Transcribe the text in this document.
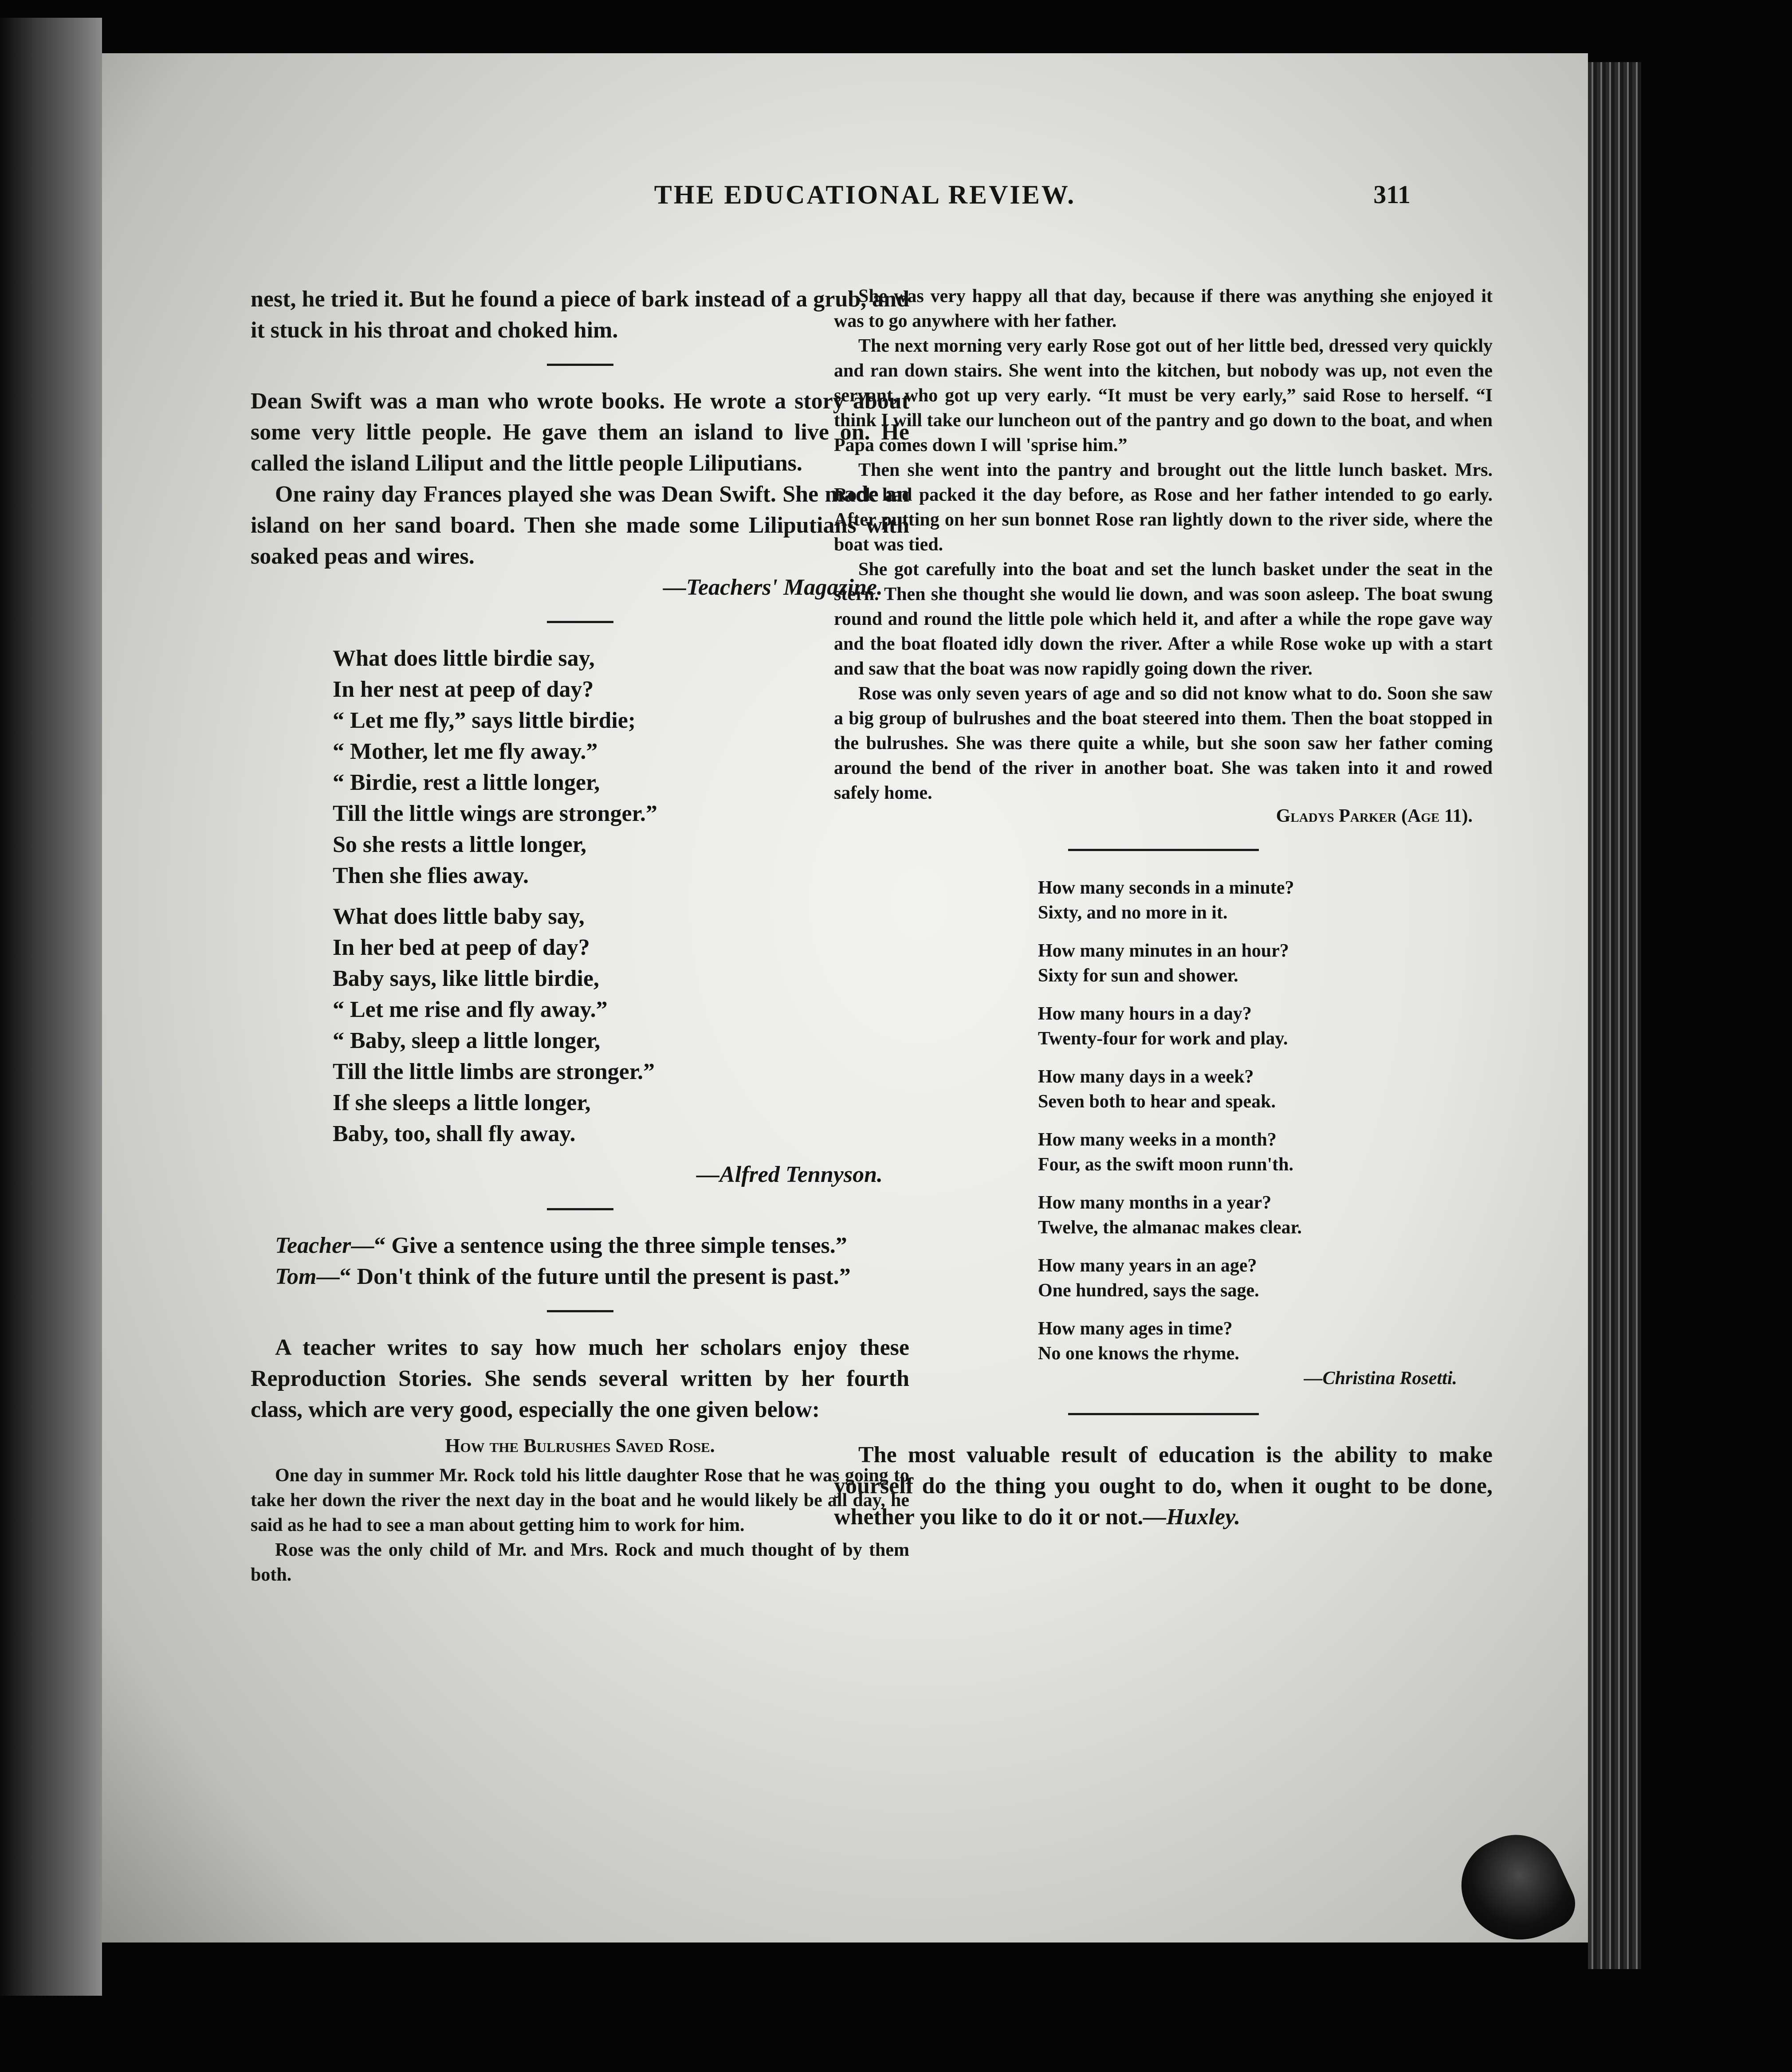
THE EDUCATIONAL REVIEW.	311

nest, he tried it. But he found a piece of bark instead of a grub, and it stuck in his throat and choked him.

Dean Swift was a man who wrote books. He wrote a story about some very little people. He gave them an island to live on. He called the island Liliput and the little people Liliputians.

One rainy day Frances played she was Dean Swift. She made an island on her sand board. Then she made some Liliputians with soaked peas and wires.

—Teachers' Magazine.

What does little birdie say,

In her nest at peep of day?

“ Let me fly,” says little birdie;

“ Mother, let me fly away.”

“ Birdie, rest a little longer,

Till the little wings are stronger.”

So she rests a little longer,

Then she flies away.

What does little baby say,

In her bed at peep of day?

Baby says, like little birdie,

“ Let me rise and fly away.”

“ Baby, sleep a little longer,

Till the little limbs are stronger.”

If she sleeps a little longer,

Baby, too, shall fly away.

—Alfred Tennyson.

Teacher—“ Give a sentence using the three simple tenses.”

Tom—“ Don't think of the future until the present is past.”

A teacher writes to say how much her scholars enjoy these Reproduction Stories. She sends several written by her fourth class, which are very good, especially the one given below:

How the Bulrushes Saved Rose.

One day in summer Mr. Rock told his little daughter Rose that he was going to take her down the river the next day in the boat and he would likely be all day, he said as he had to see a man about getting him to work for him.

Rose was the only child of Mr. and Mrs. Rock and much thought of by them both.

She was very happy all that day, because if there was anything she enjoyed it was to go anywhere with her father.

The next morning very early Rose got out of her little bed, dressed very quickly and ran down stairs. She went into the kitchen, but nobody was up, not even the servant, who got up very early. “It must be very early,” said Rose to herself. “I think I will take our luncheon out of the pantry and go down to the boat, and when Papa comes down I will 'sprise him.”

Then she went into the pantry and brought out the little lunch basket. Mrs. Rock had packed it the day before, as Rose and her father intended to go early. After putting on her sun bonnet Rose ran lightly down to the river side, where the boat was tied.

She got carefully into the boat and set the lunch basket under the seat in the stern. Then she thought she would lie down, and was soon asleep. The boat swung round and round the little pole which held it, and after a while the rope gave way and the boat floated idly down the river. After a while Rose woke up with a start and saw that the boat was now rapidly going down the river.

Rose was only seven years of age and so did not know what to do. Soon she saw a big group of bulrushes and the boat steered into them. Then the boat stopped in the bulrushes. She was there quite a while, but she soon saw her father coming around the bend of the river in another boat. She was taken into it and rowed safely home.

Gladys Parker (Age 11).

How many seconds in a minute?

Sixty, and no more in it.

How many minutes in an hour?

Sixty for sun and shower.

How many hours in a day?

Twenty-four for work and play.

How many days in a week?

Seven both to hear and speak.

How many weeks in a month?

Four, as the swift moon runn'th.

How many months in a year?

Twelve, the almanac makes clear.

How many years in an age?

One hundred, says the sage.

How many ages in time?

No one knows the rhyme.

—Christina Rosetti.

The most valuable result of education is the ability to make yourself do the thing you ought to do, when it ought to be done, whether you like to do it or not.—Huxley.
